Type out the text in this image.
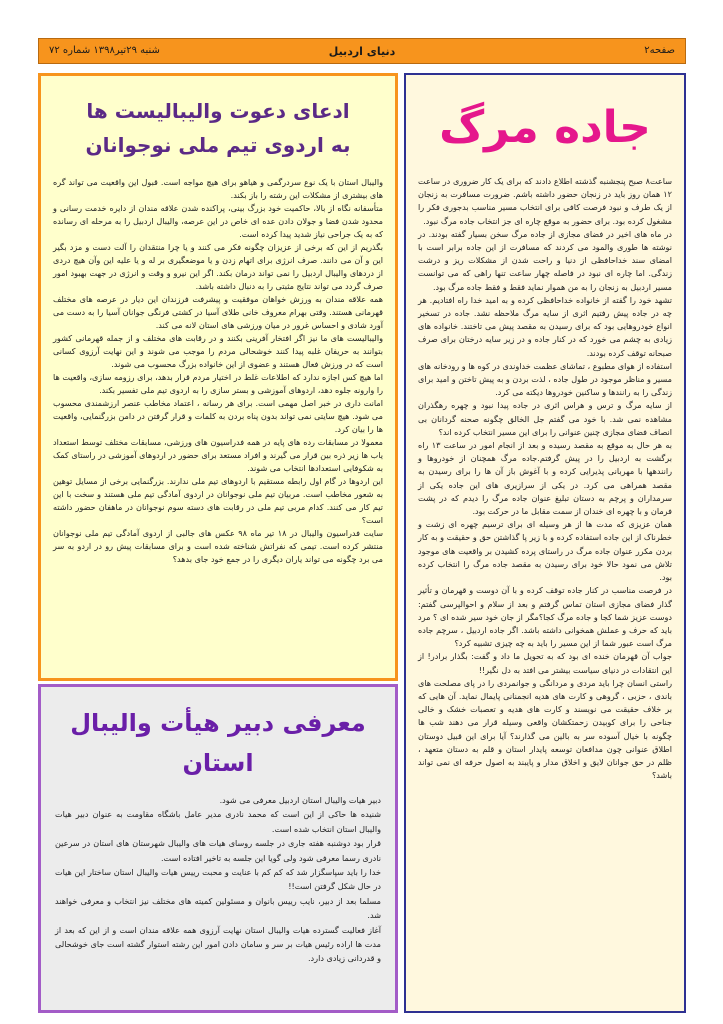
صفحه۲
دنیای اردبیل
شنبه ۲۹تیر۱۳۹۸ شماره ۷۲
ادعای دعوت والیبالیست ها
به اردوی تیم ملی نوجوانان

والیبال استان با یک نوع سردرگمی و هیاهو برای هیچ مواجه است. قبول این واقعیت می تواند گره های بیشتری از مشکلات این رشته را باز بکند.

متأسفانه نگاه از بالا، حاکمیت خود بزرگ بینی، پراکنده شدن علاقه مندان از دایره خدمت رسانی و محدود شدن فضا و جولان دادن عده ای خاص در این عرصه، والیبال اردبیل را به مرحله ای رسانده که به یک جراحی نیاز شدید پیدا کرده است.

بگذریم از این که برخی از عزیزان چگونه فکر می کنند و یا چرا منتقدان را آلت دست و مزد بگیر این و آن می دانند. صرف انرژی برای اتهام زدن و یا موضعگیری بر له و یا علیه این وآن هیچ دردی از دردهای والیبال اردبیل را نمی تواند درمان بکند. اگر این نیرو و وقت و انرژی در جهت بهبود امور صرف گردد می تواند نتایج مثبتی را به دنبال داشته باشد.

همه علاقه مندان به ورزش خواهان موفقیت و پیشرفت فرزندان این دیار در عرصه های مختلف قهرمانی هستند. وقتی بهرام معروف خانی طلای آسیا در کشتی فرنگی جوانان آسیا را به دست می آورد شادی و احساس غرور در میان ورزشی های استان لانه می کند.

والیبالیست های ما نیز اگر افتخار آفرینی بکنند و در رقابت های مختلف و از جمله قهرمانی کشور بتوانند به حریفان غلبه پیدا کنند خوشحالی مردم را موجب می شوند و این نهایت آرزوی کسانی است که در ورزش فعال هستند و عضوی از این خانواده بزرگ محسوب می شوند.

اما هیچ کس اجازه ندارد که اطلاعات غلط در اختیار مردم قرار بدهد، برای رزومه سازی، واقعیت ها را وارونه جلوه دهد، اردوهای آموزشی و بستر سازی را به اردوی تیم ملی تفسیر بکند.

امانت داری در خبر اصل مهمی است. برای هر رسانه ، اعتماد مخاطب عنصر ارزشمندی محسوب می شود. هیچ سایتی نمی تواند بدون پناه بردن به کلمات و قرار گرفتن در دامن بزرگنمایی، واقعیت ها را بیان کرد.

معمولا در مسابقات رده های پایه در همه فدراسیون های ورزشی، مسابقات مختلف توسط استعداد یاب ها زیر ذره بین قرار می گیرند و افراد مستعد برای حضور در اردوهای آموزشی در راستای کمک به شکوفایی استعدادها انتخاب می شوند.

این اردوها در گام اول رابطه مستقیم با اردوهای تیم ملی ندارند. بزرگنمایی برخی از مسایل توهین به شعور مخاطب است. مربیان تیم ملی نوجوانان در اردوی آمادگی تیم ملی هستند و سخت با این تیم کار می کنند. کدام مربی تیم ملی در رقابت های دسته سوم نوجوانان در ماهفان حضور داشته است؟

سایت فدراسیون والیبال در ۱۸ تیر ماه ۹۸ عکس های جالبی از اردوی آمادگی تیم ملی نوجوانان منتشر کرده است. تیمی که نفراتش شناخته شده است و برای مسابقات پیش رو در اردو به سر می برد چگونه می تواند یاران دیگری را در جمع خود جای بدهد؟

جاده مرگ

ساعت۸ صبح پنجشنبه گذشته اطلاع دادند که برای یک کار ضروری در ساعت ۱۲ همان روز باید در زنجان حضور داشته باشم. ضرورت مسافرت به زنجان از یک طرف و نبود فرصت کافی برای انتخاب مسیر مناسب بدجوری فکر را مشغول کرده بود. برای حضور به موقع چاره ای جز انتخاب جاده مرگ نبود.

در ماه های اخیر در فضای مجازی از جاده مرگ سخن بسیار گفته بودند. در نوشته ها طوری والمود می کردند که مسافرت از این جاده برابر است با امضای سند خداحافظی از دنیا و راحت شدن از مشکلات ریز و درشت زندگی. اما چاره ای نبود در فاصله چهار ساعت تنها راهی که می توانست مسیر اردبیل به زنجان را به من هموار نماید فقط و فقط جاده مرگ بود.

تشهد خود را گفته از خانواده خداحافظی کرده و به امید خدا راه افتادیم. هر چه در جاده پیش رفتیم اثری از سایه مرگ ملاحظه نشد. جاده در تسخیر انواع خودروهایی بود که برای رسیدن به مقصد پیش می تاختند. خانواده های زیادی به چشم می خورد که در کنار جاده و در زیر سایه درختان برای صرف صبحانه توقف کرده بودند.

استفاده از هوای مطبوع ، تماشای عظمت خداوندی در کوه ها و رودخانه های مسیر و مناظر موجود در طول جاده ، لذت بردن و به پیش تاختن و امید برای زندگی را به رانندها و ساکنین خودروها دیکته می کرد.

از سایه مرگ و ترس و هراس اثری در جاده پیدا نبود و چهره رهگذران مشاهده نمی شد. با خود می گفتم جل الخالق چگونه صحنه گردانان بی انصاف فضای مجازی چنین عنوانی را برای این مسیر انتخاب کرده اند؟

به هر حال به موقع به مقصد رسیده و بعد از انجام امور در ساعت ۱۳ راه برگشت به اردبیل را در پیش گرفتم.جاده مرگ همچنان از خودروها و رانندهها با مهربانی پذیرایی کرده و با آغوش باز آن ها را برای رسیدن به مقصد همراهی می کرد. در یکی از سرازیری های این جاده یکی از سرمداران و پرچم به دستان تبلیغ عنوان جاده مرگ را دیدم که در پشت فرمان و با چهره ای خندان از سمت مقابل ما در حرکت بود.

همان عزیزی که مدت ها از هر وسیله ای برای ترسیم چهره ای زشت و خطرناک از این جاده استفاده کرده و با زیر پا گذاشتن حق و حقیقت و به کار بردن مکرر عنوان جاده مرگ در راستای پرده کشیدن بر واقعیت های موجود تلاش می نمود حالا خود برای رسیدن به مقصد جاده مرگ را انتخاب کرده بود.

در فرصت مناسب در کنار جاده توقف کرده و با آن دوست و قهرمان و تأثیر گذار فضای مجازی استان تماس گرفتم و بعد از سلام و احوالپرسی گفتم: دوست عزیز شما کجا و جاده مرگ کجا؟مگر از جان خود سیر شده ای ؟ مرد باید که حرف و عملش همخوانی داشته باشد. اگر جاده اردبیل ، سرچم جاده مرگ است عبور شما از این مسیر را باید به چه چیزی تشبیه کرد؟

جواب آن قهرمان خنده ای بود که به تحویل ما داد و گفت: بگذار برادر! از این انتقادات در دنیای سیاست بیشتر می افتد به دل نگیر!!

راستی انسان چرا باید مردی و مردانگی و جوانمردی را در پای مصلحت های باندی ، حزبی ، گروهی و کارت های هدیه انجمنانی پایمال نماید. آن هایی که بر خلاف حقیقت می نویسند و کارت های هدیه و تعصبات خشک و خالی جناحی را برای کوبیدن زحمتکشان واقعی وسیله قرار می دهند شب ها چگونه با خیال آسوده سر به بالین می گذارند؟ آیا برای این قبیل دوستان اطلاق عنوانی چون مدافعان توسعه پایدار استان و قلم به دستان متعهد ، ظلم در حق جوانان لایق و اخلاق مدار و پایبند به اصول حرفه ای نمی تواند باشد؟

معرفی دبیر هیأت والیبال استان

دبیر هیات والیبال استان اردبیل معرفی می شود.

شنیده ها حاکی از این است که محمد نادری مدیر عامل باشگاه مقاومت به عنوان دبیر هیات والیبال استان انتخاب شده است.

قرار بود دوشنبه هفته جاری در جلسه روسای هیات های والیبال شهرستان های استان در سرعین نادری رسما معرفی شود ولی گویا این جلسه به تاخیر افتاده است.

خدا را باید سپاسگزار شد که کم کم با عنایت و محبت رییس هیات والیبال استان ساختار این هیات در حال شکل گرفتن است!!

مسلما بعد از دبیر، نایب رییس بانوان و مسئولین کمیته های مختلف نیز انتخاب و معرفی خواهند شد.

آغاز فعالیت گسترده هیات والیبال استان نهایت آرزوی همه علاقه مندان است و از این که بعد از مدت ها اراده رئیس هیات بر سر و سامان دادن امور این رشته استوار گشته است جای خوشحالی و قدردانی زیادی دارد.
